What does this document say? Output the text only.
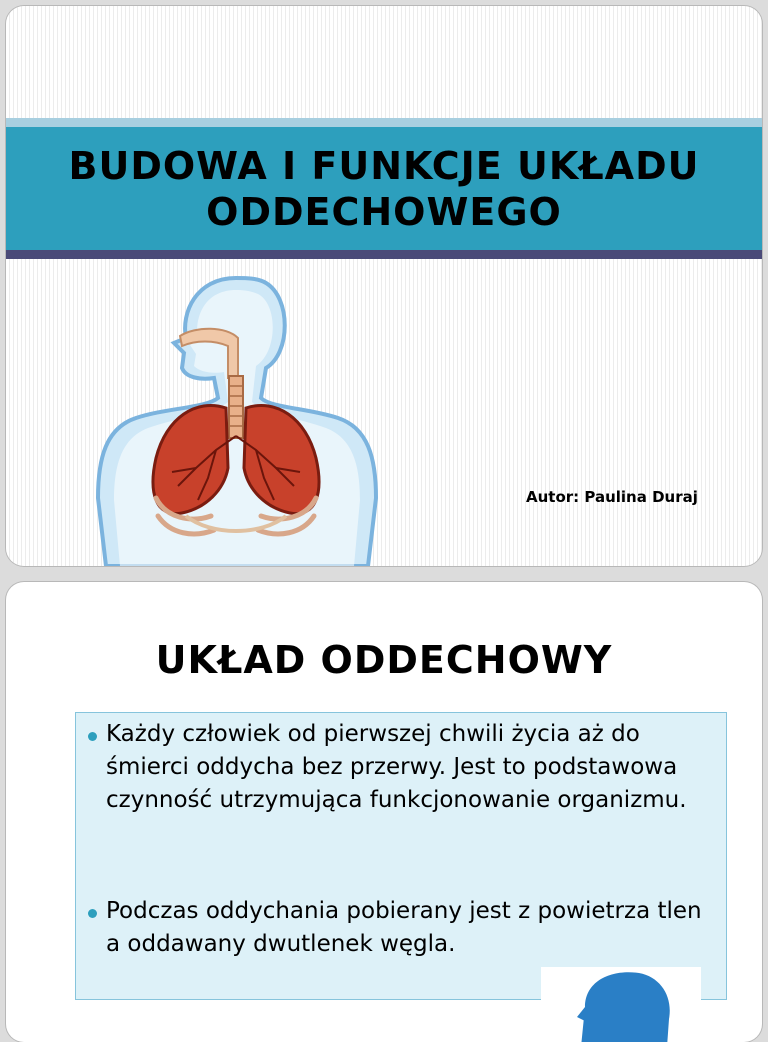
BUDOWA I FUNKCJE UKŁADU
ODDECHOWEGO
Autor: Paulina Duraj
UKŁAD ODDECHOWY
Każdy człowiek od pierwszej chwili życia aż do śmierci oddycha bez przerwy. Jest to podstawowa czynność utrzymująca funkcjonowanie organizmu.
Podczas oddychania pobierany jest z powietrza tlen a oddawany dwutlenek węgla.
